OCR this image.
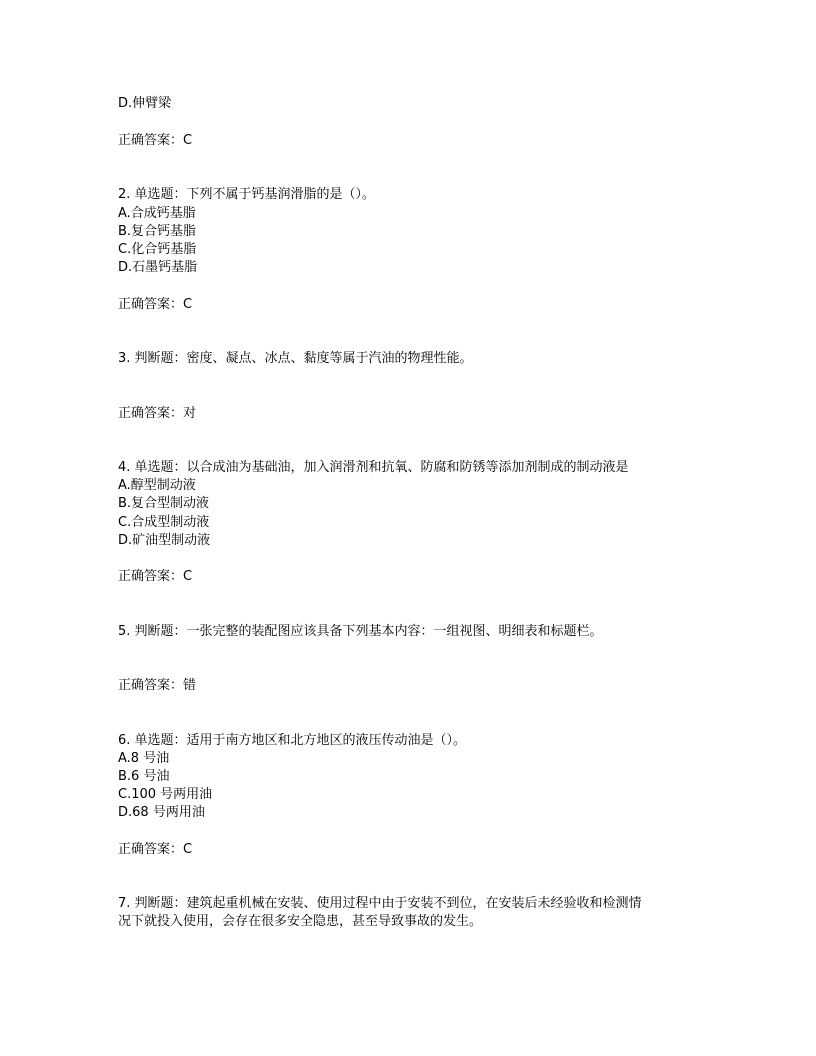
D.伸臂梁
正确答案：C
2. 单选题：下列不属于钙基润滑脂的是（）。
A.合成钙基脂
B.复合钙基脂
C.化合钙基脂
D.石墨钙基脂
正确答案：C
3. 判断题：密度、凝点、冰点、黏度等属于汽油的物理性能。
正确答案：对
4. 单选题：以合成油为基础油，加入润滑剂和抗氧、防腐和防锈等添加剂制成的制动液是
A.醇型制动液
B.复合型制动液
C.合成型制动液
D.矿油型制动液
正确答案：C
5. 判断题：一张完整的装配图应该具备下列基本内容：一组视图、明细表和标题栏。
正确答案：错
6. 单选题：适用于南方地区和北方地区的液压传动油是（）。
A.8 号油
B.6 号油
C.100 号两用油
D.68 号两用油
正确答案：C
7. 判断题：建筑起重机械在安装、使用过程中由于安装不到位，在安装后未经验收和检测情
况下就投入使用，会存在很多安全隐患，甚至导致事故的发生。
